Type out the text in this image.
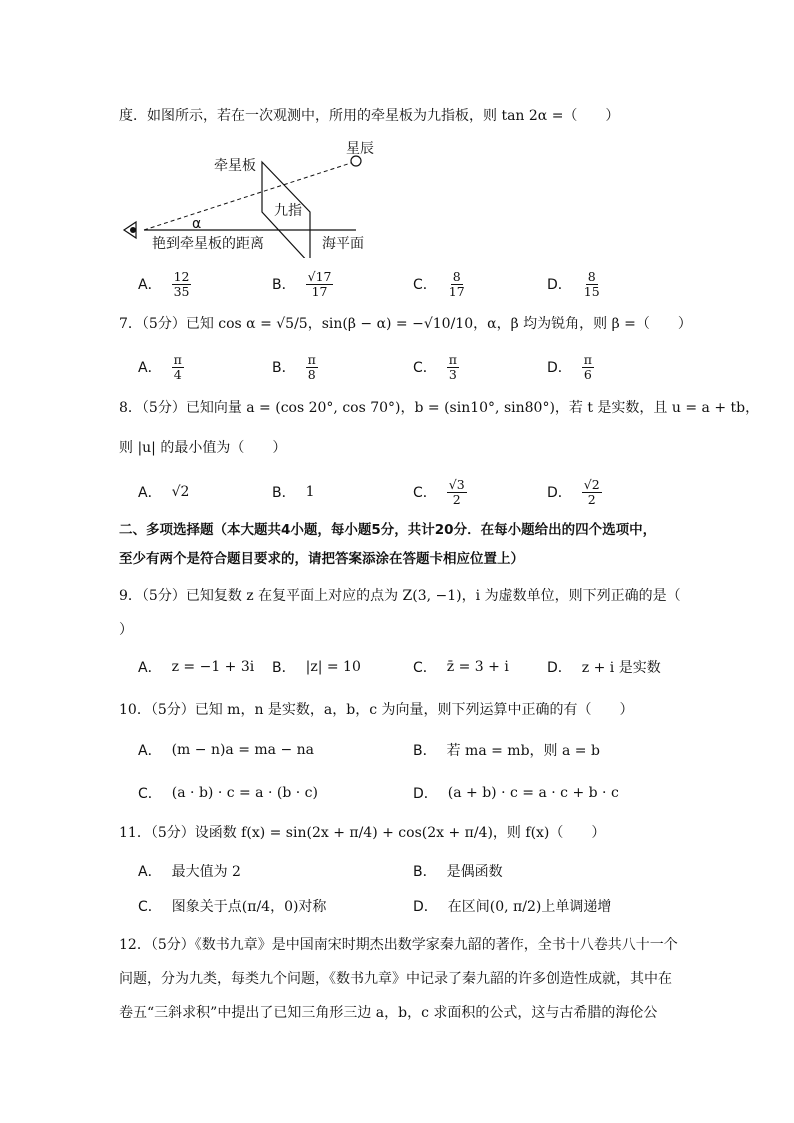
度．如图所示，若在一次观测中，所用的牵星板为九指板，则 tan 2α =（　　）
牵星板
星辰
九指
α
艳到牵星板的距离	海平面
A． $\frac{12}{35}$	B． $\frac{√17}{17}$	C． $\frac{8}{17}$	D． $\frac{8}{15}$
7．（5分）已知 cos α = √5/5，sin(β − α) = −√10/10，α，β 均为锐角，则 β =（　　）
A． $\frac{\pi}{4}$	B． $\frac{\pi}{8}$	C． $\frac{\pi}{3}$	D． $\frac{\pi}{6}$
8．（5分）已知向量 a = (cos 20°, cos 70°)，b = (sin10°, sin80°)，若 t 是实数，且 u = a + tb，
则 |u| 的最小值为（　　）
A． √2	B． 1	C． $\frac{√3}{2}$	D． $\frac{√2}{2}$
二、多项选择题（本大题共4小题，每小题5分，共计20分．在每小题给出的四个选项中，
至少有两个是符合题目要求的，请把答案添涂在答题卡相应位置上）
9．（5分）已知复数 z 在复平面上对应的点为 Z(3, −1)，i 为虚数单位，则下列正确的是（
）
A． z = −1 + 3i B． |z| = 10	C． z̄ = 3 + i	D． z + i 是实数
10．（5分）已知 m，n 是实数，a，b，c 为向量，则下列运算中正确的有（　　）
A． (m − n)a = ma − na	B． 若 ma = mb，则 a = b
C． (a · b) · c = a · (b · c)	D． (a + b) · c = a · c + b · c
11．（5分）设函数 f(x) = sin(2x + π/4) + cos(2x + π/4)，则 f(x)（　　）
A． 最大值为 2	B． 是偶函数
C． 图象关于点(π/4，0)对称	D． 在区间(0, π/2)上单调递增
12．（5分）《数书九章》是中国南宋时期杰出数学家秦九韶的著作，全书十八卷共八十一个
问题，分为九类，每类九个问题，《数书九章》中记录了秦九韶的许多创造性成就，其中在
卷五“三斜求积”中提出了已知三角形三边 a，b，c 求面积的公式，这与古希腊的海伦公
